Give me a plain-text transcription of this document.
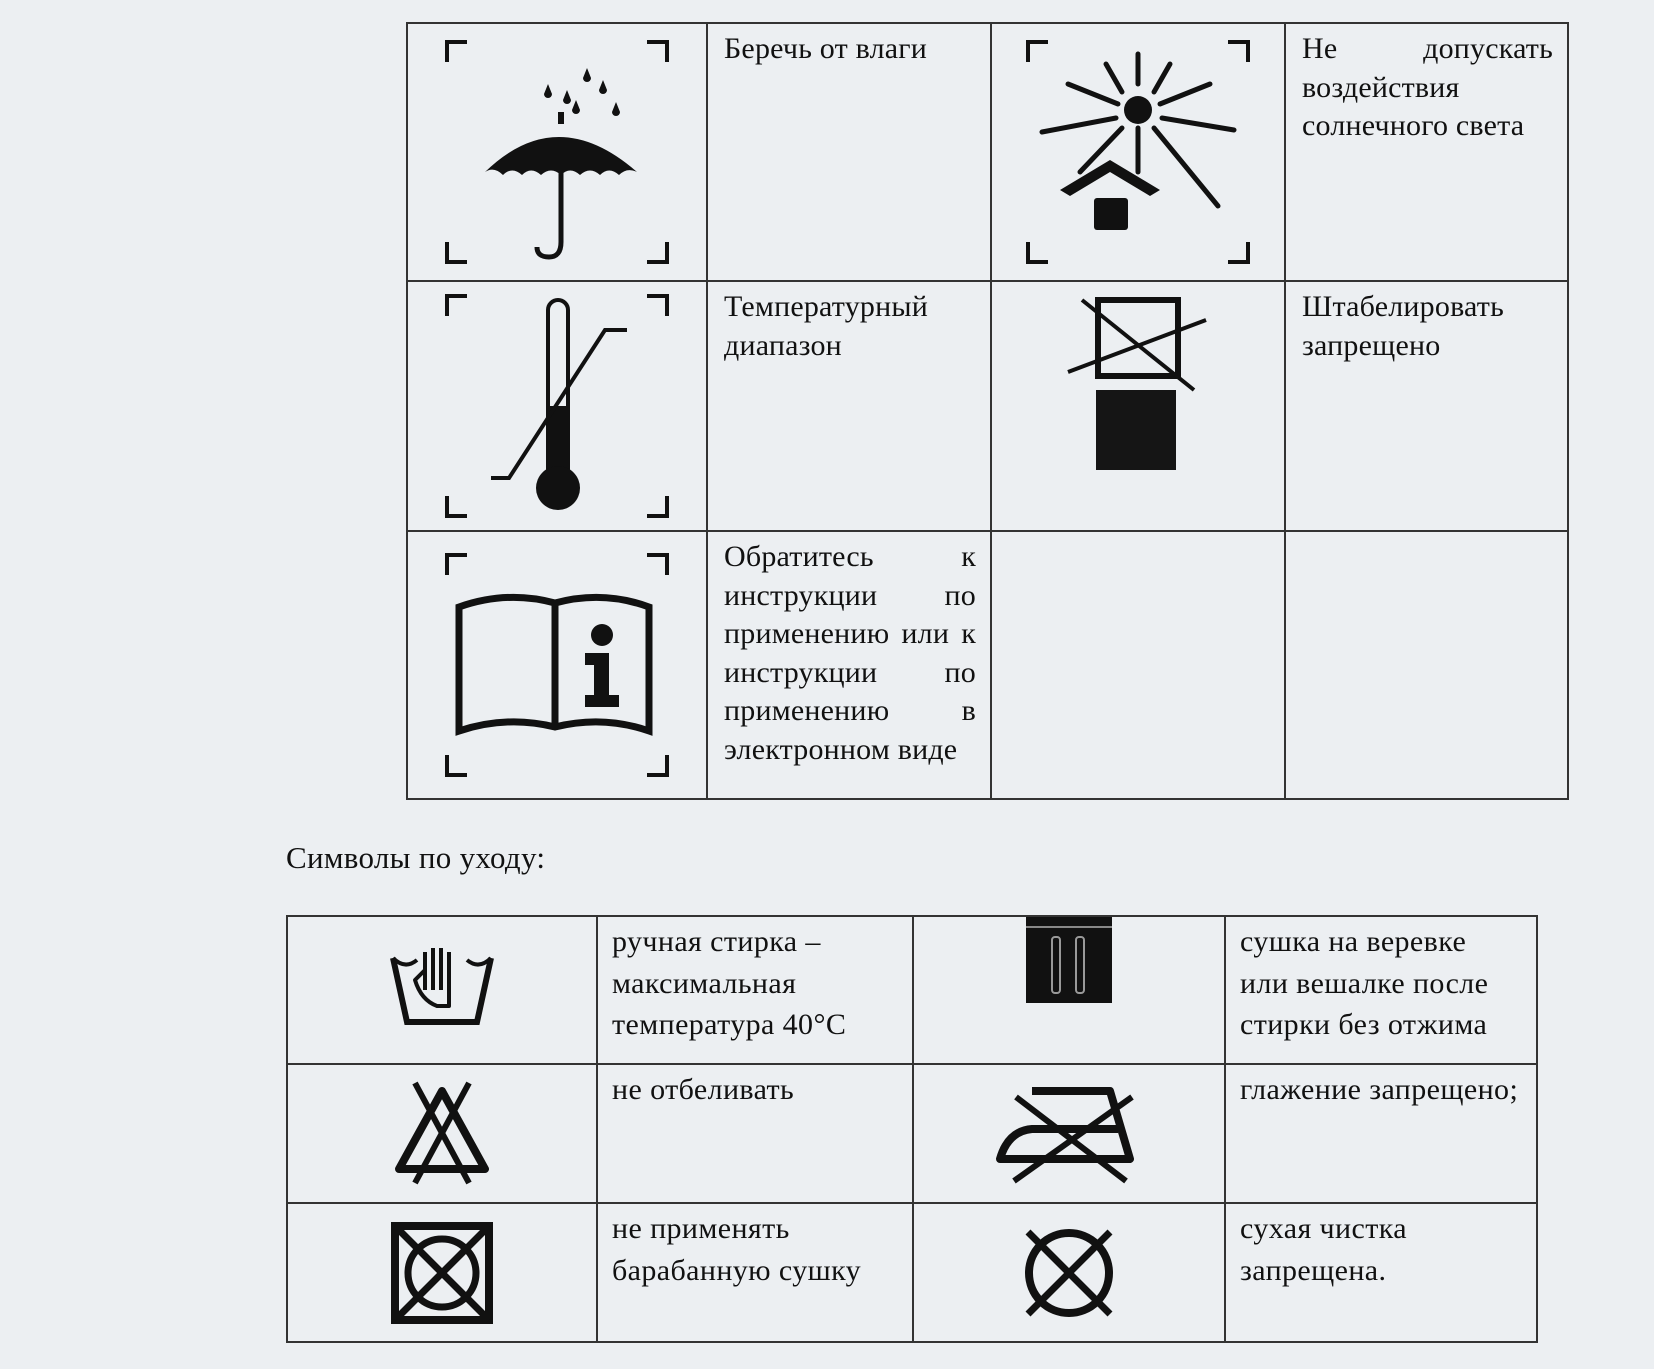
	Беречь от влаги		Не допускать воздействия солнечного света

	Температурный диапазон		Штабелировать запрещено

	Обратитесь к инструкции по применению или к инструкции по применению в электронном виде		
Символы по уходу:
	ручная стирка – максимальная температура 40°C		сушка на веревке или вешалке после стирки без отжима

	не отбеливать		глажение запрещено;

	не применять барабанную сушку		сухая чистка запрещена.
